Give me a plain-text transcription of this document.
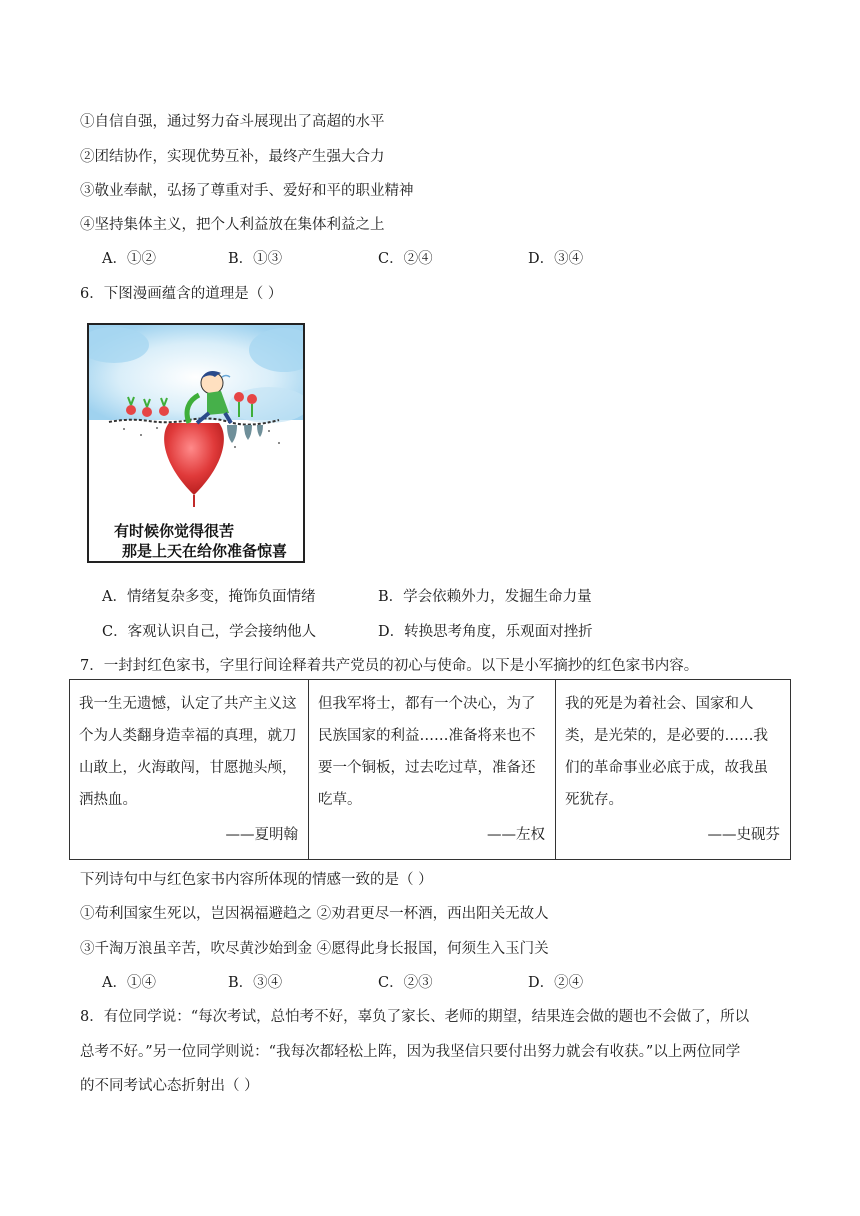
①自信自强，通过努力奋斗展现出了高超的水平
②团结协作，实现优势互补，最终产生强大合力
③敬业奉献，弘扬了尊重对手、爱好和平的职业精神
④坚持集体主义，把个人利益放在集体利益之上
A．①②	B．①③	C．②④	D．③④
6．下图漫画蕴含的道理是（ ）
有时候你觉得很苦
那是上天在给你准备惊喜
A．情绪复杂多变，掩饰负面情绪	B．学会依赖外力，发掘生命力量
C．客观认识自己，学会接纳他人	D．转换思考角度，乐观面对挫折
7．一封封红色家书，字里行间诠释着共产党员的初心与使命。以下是小军摘抄的红色家书内容。
我一生无遗憾，认定了共产主义这个为人类翻身造幸福的真理，就刀山敢上，火海敢闯，甘愿抛头颅，洒热血。
——夏明翰

但我军将士，都有一个决心，为了民族国家的利益……准备将来也不要一个铜板，过去吃过草，准备还吃草。
——左权

我的死是为着社会、国家和人类，是光荣的，是必要的……我们的革命事业必底于成，故我虽死犹存。
——史砚芬
下列诗句中与红色家书内容所体现的情感一致的是（ ）
①苟利国家生死以，岂因祸福避趋之 ②劝君更尽一杯酒，西出阳关无故人
③千淘万浪虽辛苦，吹尽黄沙始到金 ④愿得此身长报国，何须生入玉门关
A．①④	B．③④	C．②③	D．②④
8．有位同学说：“每次考试，总怕考不好，辜负了家长、老师的期望，结果连会做的题也不会做了，所以
总考不好。”另一位同学则说：“我每次都轻松上阵，因为我坚信只要付出努力就会有收获。”以上两位同学
的不同考试心态折射出（ ）
